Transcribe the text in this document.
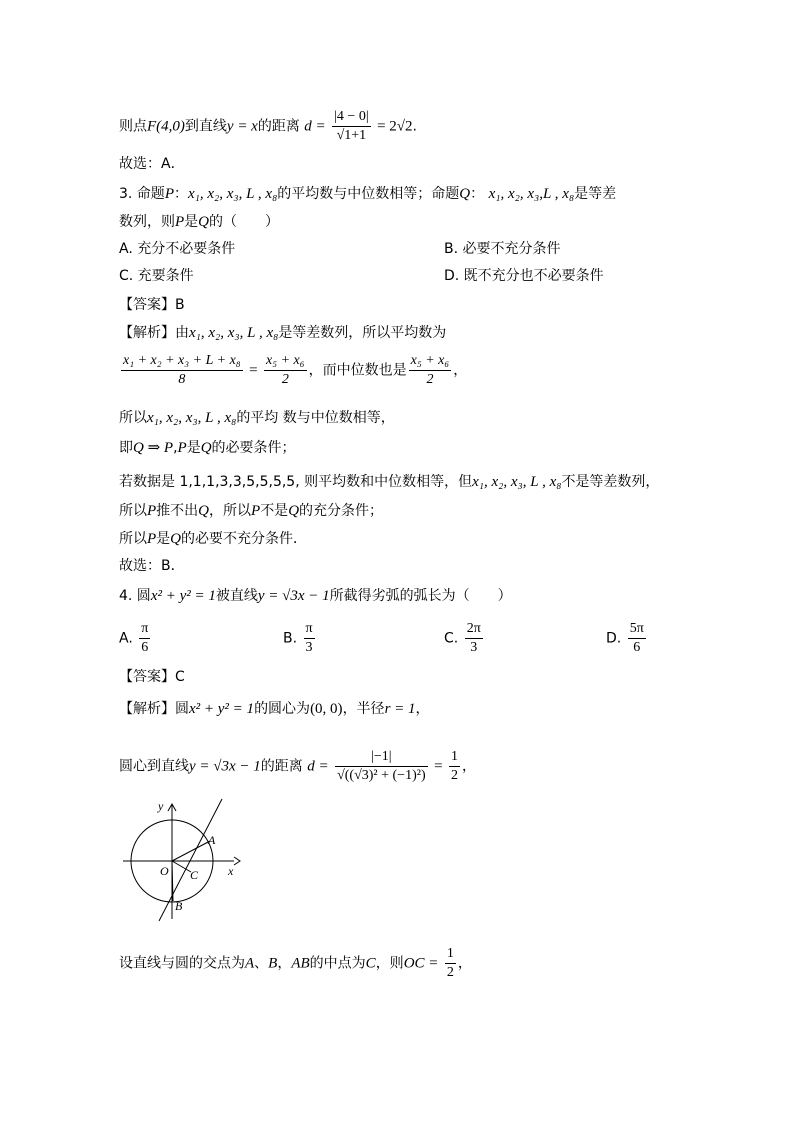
则点F(4,0)到直线y = x的距离 $d = \frac{|4 - 0|}{√1+1} = 2√2$.
故选：A．
3. 命题P：x₁, x₂, x₃, L , x₈的平均数与中位数相等；命题Q： x₁, x₂, x₃,L , x₈是等差
数列，则P是Q的（　　）
A. 充分不必要条件	B. 必要不充分条件
C. 充要条件	D. 既不充分也不必要条件
【答案】B
【解析】由x₁, x₂, x₃, L , x₈是等差数列，所以平均数为
$\frac{\text{x₁ + x₂ + x₃ + L + x₈}}{8} = \frac{\text{x₅ + x₆}}{2}$ ，而中位数也是 $\frac{\text{x₅ + x₆}}{2}$ ，
所以x₁, x₂, x₃, L , x₈的平均 数与中位数相等，
即Q ⇒ P,P是Q的必要条件；
若数据是 1,1,1,3,3,5,5,5,5, 则平均数和中位数相等，但x₁, x₂, x₃, L , x₈不是等差数列，
所以P推不出Q，所以P不是Q的充分条件；
所以P是Q的必要不充分条件．
故选：B．
4. 圆x² + y² = 1被直线y = √3x − 1所截得劣弧的弧长为（　　）
A. $\frac{\pi}{6}$	B. $\frac{\pi}{3}$	C. $\frac{2\pi}{3}$	D. $\frac{5\pi}{6}$
【答案】C
【解析】圆x² + y² = 1的圆心为(0, 0)，半径r = 1，
圆心到直线y = √3x − 1的距离 $d = \frac{|-1|}{\text{√((√3)² + (−1)²)}} = \frac{1}{2}$ ，
y
x
O
A
C
B
设直线与圆的交点为A、B，AB的中点为C，则OC = $\frac{1}{2}$ ，
